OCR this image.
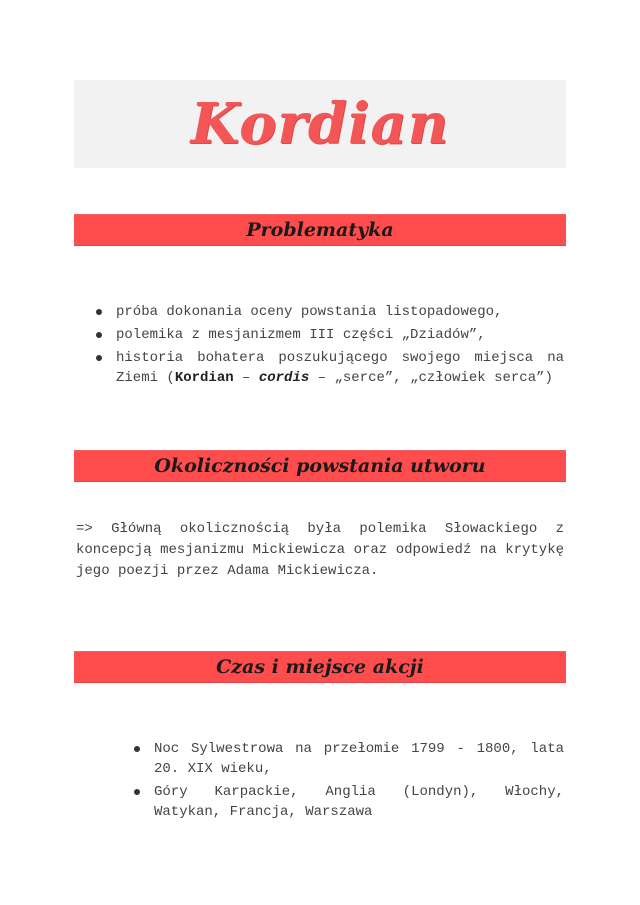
Kordian
Problematyka
próba dokonania oceny powstania listopadowego,
polemika z mesjanizmem III części „Dziadów”,
historia bohatera poszukującego swojego miejsca na Ziemi (Kordian – cordis – „serce”, „człowiek serca”)
Okoliczności powstania utworu

=> Główną okolicznością była polemika Słowackiego z koncepcją mesjanizmu Mickiewicza oraz odpowiedź na krytykę jego poezji przez Adama Mickiewicza.

Czas i miejsce akcji
Noc Sylwestrowa na przełomie 1799 - 1800, lata 20. XIX wieku,
Góry Karpackie, Anglia (Londyn), Włochy, Watykan, Francja, Warszawa
